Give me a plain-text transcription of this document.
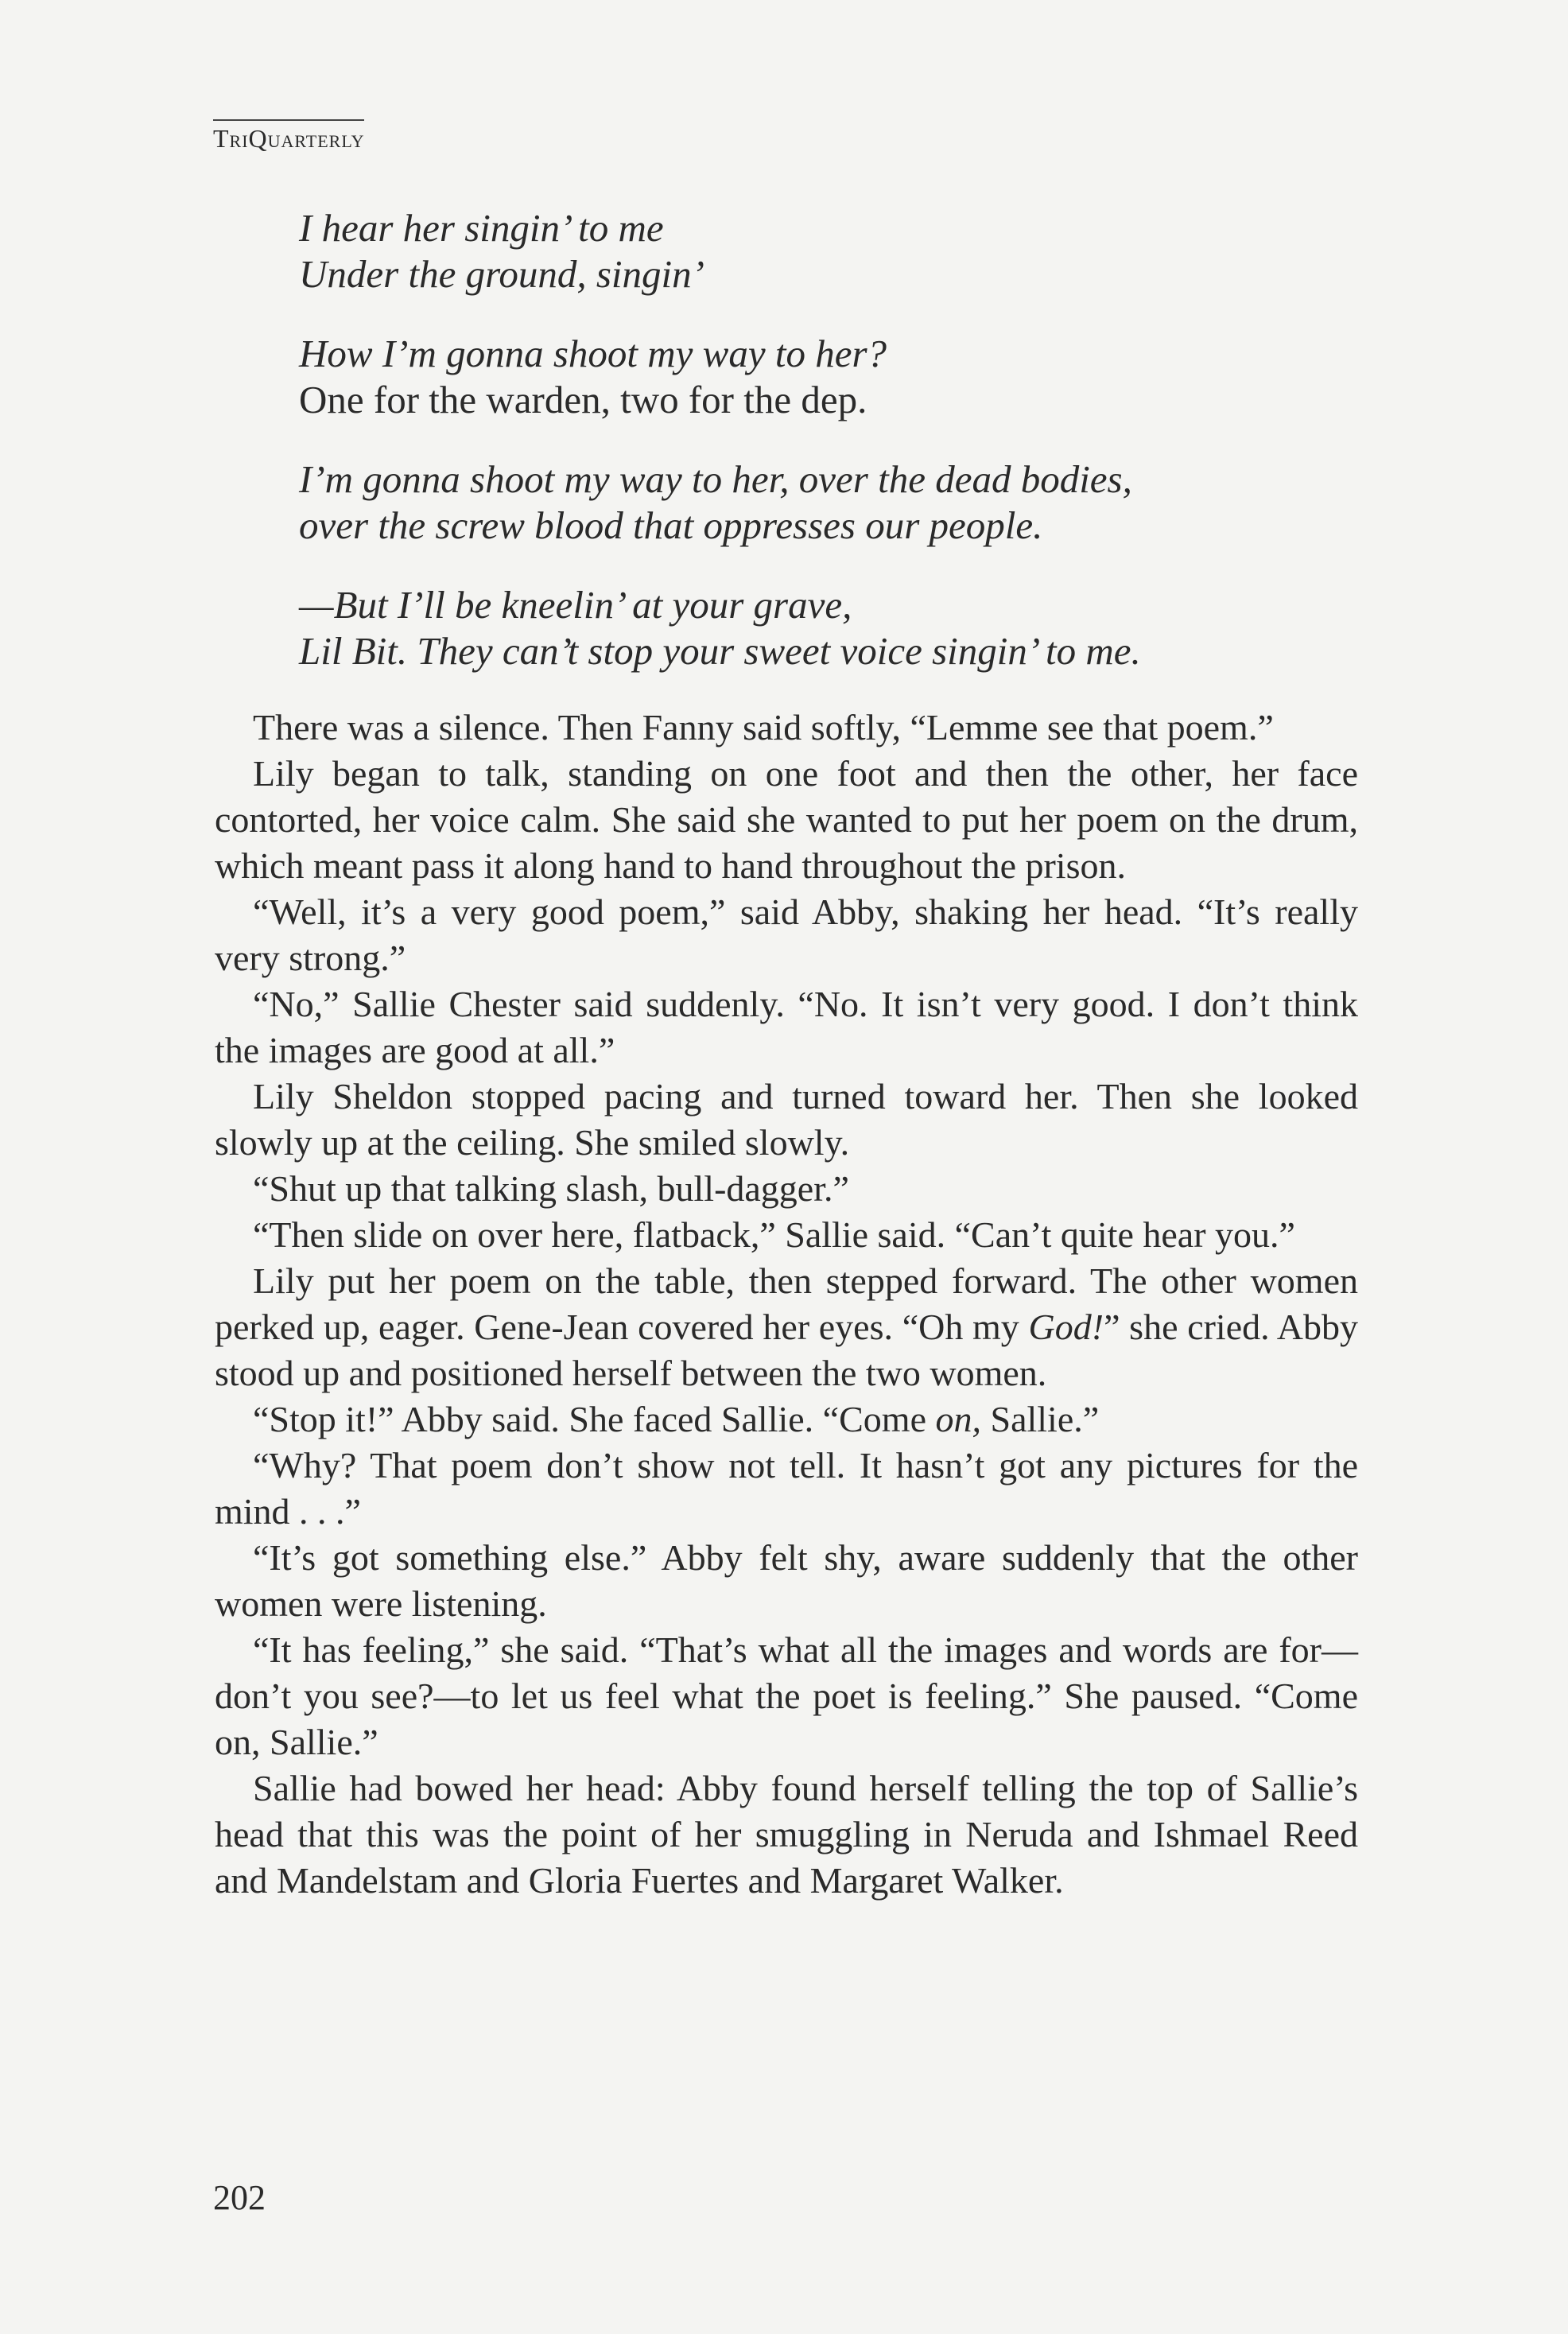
TriQuarterly
I hear her singin’ to me
Under the ground, singin’
How I’m gonna shoot my way to her?
One for the warden, two for the dep.
I’m gonna shoot my way to her, over the dead bodies,
over the screw blood that oppresses our people.
—But I’ll be kneelin’ at your grave,
Lil Bit. They can’t stop your sweet voice singin’ to me.

There was a silence. Then Fanny said softly, “Lemme see that poem.”

Lily began to talk, standing on one foot and then the other, her face contorted, her voice calm. She said she wanted to put her poem on the drum, which meant pass it along hand to hand throughout the prison.

“Well, it’s a very good poem,” said Abby, shaking her head. “It’s really very strong.”

“No,” Sallie Chester said suddenly. “No. It isn’t very good. I don’t think the images are good at all.”

Lily Sheldon stopped pacing and turned toward her. Then she looked slowly up at the ceiling. She smiled slowly.

“Shut up that talking slash, bull-dagger.”

“Then slide on over here, flatback,” Sallie said. “Can’t quite hear you.”

Lily put her poem on the table, then stepped forward. The other women perked up, eager. Gene-Jean covered her eyes. “Oh my God!” she cried. Abby stood up and positioned herself between the two women.

“Stop it!” Abby said. She faced Sallie. “Come on, Sallie.”

“Why? That poem don’t show not tell. It hasn’t got any pictures for the mind . . .”

“It’s got something else.” Abby felt shy, aware suddenly that the other women were listening.

“It has feeling,” she said. “That’s what all the images and words are for—don’t you see?—to let us feel what the poet is feeling.” She paused. “Come on, Sallie.”

Sallie had bowed her head: Abby found herself telling the top of Sallie’s head that this was the point of her smuggling in Neruda and Ishmael Reed and Mandelstam and Gloria Fuertes and Margaret Walker.

202
